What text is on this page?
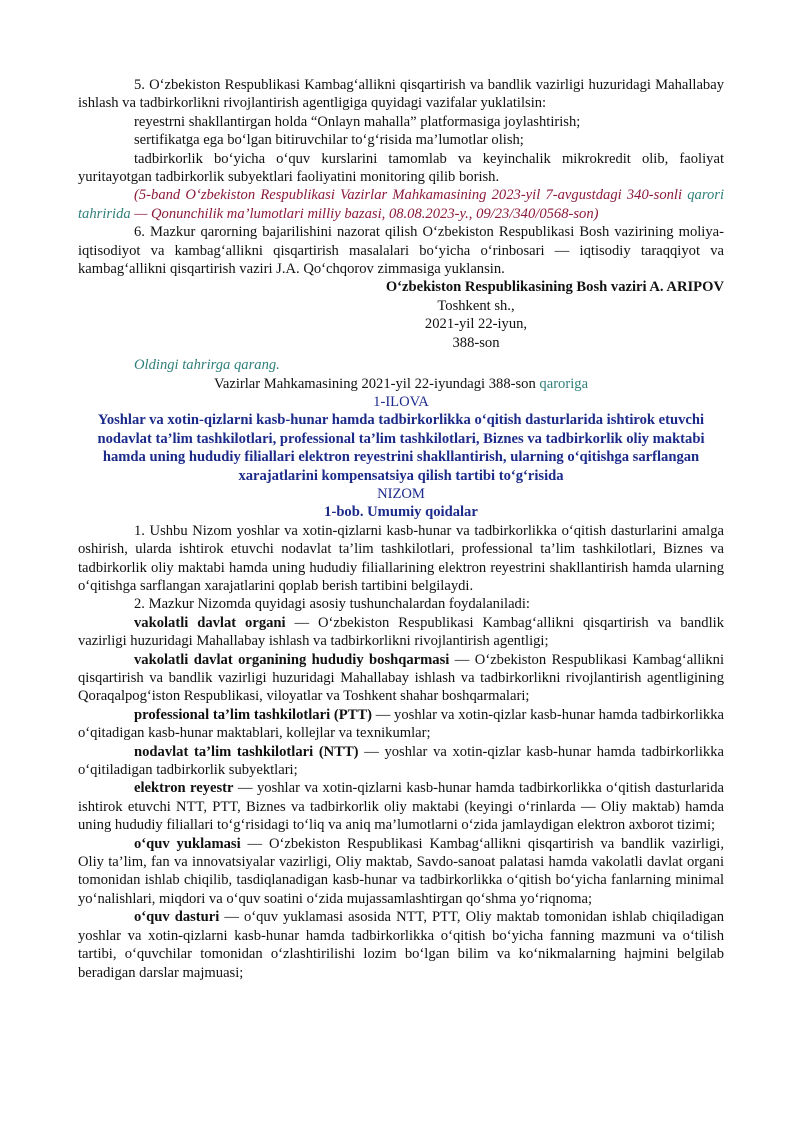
5. O‘zbekiston Respublikasi Kambag‘allikni qisqartirish va bandlik vazirligi huzuridagi Mahallabay ishlash va tadbirkorlikni rivojlantirish agentligiga quyidagi vazifalar yuklatilsin:

reyestrni shakllantirgan holda “Onlayn mahalla” platformasiga joylashtirish;

sertifikatga ega bo‘lgan bitiruvchilar to‘g‘risida ma’lumotlar olish;

tadbirkorlik bo‘yicha o‘quv kurslarini tamomlab va keyinchalik mikrokredit olib, faoliyat yuritayotgan tadbirkorlik subyektlari faoliyatini monitoring qilib borish.

(5-band O‘zbekiston Respublikasi Vazirlar Mahkamasining 2023-yil 7-avgustdagi 340-sonli qarori tahririda — Qonunchilik ma’lumotlari milliy bazasi, 08.08.2023-y., 09/23/340/0568-son)

6. Mazkur qarorning bajarilishini nazorat qilish O‘zbekiston Respublikasi Bosh vazirining moliya-iqtisodiyot va kambag‘allikni qisqartirish masalalari bo‘yicha o‘rinbosari — iqtisodiy taraqqiyot va kambag‘allikni qisqartirish vaziri J.A. Qo‘chqorov zimmasiga yuklansin.

O‘zbekiston Respublikasining Bosh vaziri A. ARIPOV

Toshkent sh.,

2021-yil 22-iyun,

388-son

Oldingi tahrirga qarang.

Vazirlar Mahkamasining 2021-yil 22-iyundagi 388-son qaroriga

1-ILOVA

Yoshlar va xotin-qizlarni kasb-hunar hamda tadbirkorlikka o‘qitish dasturlarida ishtirok etuvchi nodavlat ta’lim tashkilotlari, professional ta’lim tashkilotlari, Biznes va tadbirkorlik oliy maktabi hamda uning hududiy filiallari elektron reyestrini shakllantirish, ularning o‘qitishga sarflangan xarajatlarini kompensatsiya qilish tartibi to‘g‘risida

NIZOM

1-bob. Umumiy qoidalar

1. Ushbu Nizom yoshlar va xotin-qizlarni kasb-hunar va tadbirkorlikka o‘qitish dasturlarini amalga oshirish, ularda ishtirok etuvchi nodavlat ta’lim tashkilotlari, professional ta’lim tashkilotlari, Biznes va tadbirkorlik oliy maktabi hamda uning hududiy filiallarining elektron reyestrini shakllantirish hamda ularning o‘qitishga sarflangan xarajatlarini qoplab berish tartibini belgilaydi.

2. Mazkur Nizomda quyidagi asosiy tushunchalardan foydalaniladi:

vakolatli davlat organi — O‘zbekiston Respublikasi Kambag‘allikni qisqartirish va bandlik vazirligi huzuridagi Mahallabay ishlash va tadbirkorlikni rivojlantirish agentligi;

vakolatli davlat organining hududiy boshqarmasi — O‘zbekiston Respublikasi Kambag‘allikni qisqartirish va bandlik vazirligi huzuridagi Mahallabay ishlash va tadbirkorlikni rivojlantirish agentligining Qoraqalpog‘iston Respublikasi, viloyatlar va Toshkent shahar boshqarmalari;

professional ta’lim tashkilotlari (PTT) — yoshlar va xotin-qizlar kasb-hunar hamda tadbirkorlikka o‘qitadigan kasb-hunar maktablari, kollejlar va texnikumlar;

nodavlat ta’lim tashkilotlari (NTT) — yoshlar va xotin-qizlar kasb-hunar hamda tadbirkorlikka o‘qitiladigan tadbirkorlik subyektlari;

elektron reyestr — yoshlar va xotin-qizlarni kasb-hunar hamda tadbirkorlikka o‘qitish dasturlarida ishtirok etuvchi NTT, PTT, Biznes va tadbirkorlik oliy maktabi (keyingi o‘rinlarda — Oliy maktab) hamda uning hududiy filiallari to‘g‘risidagi to‘liq va aniq ma’lumotlarni o‘zida jamlaydigan elektron axborot tizimi;

o‘quv yuklamasi — O‘zbekiston Respublikasi Kambag‘allikni qisqartirish va bandlik vazirligi, Oliy ta’lim, fan va innovatsiyalar vazirligi, Oliy maktab, Savdo-sanoat palatasi hamda vakolatli davlat organi tomonidan ishlab chiqilib, tasdiqlanadigan kasb-hunar va tadbirkorlikka o‘qitish bo‘yicha fanlarning minimal yo‘nalishlari, miqdori va o‘quv soatini o‘zida mujassamlashtirgan qo‘shma yo‘riqnoma;

o‘quv dasturi — o‘quv yuklamasi asosida NTT, PTT, Oliy maktab tomonidan ishlab chiqiladigan yoshlar va xotin-qizlarni kasb-hunar hamda tadbirkorlikka o‘qitish bo‘yicha fanning mazmuni va o‘tilish tartibi, o‘quvchilar tomonidan o‘zlashtirilishi lozim bo‘lgan bilim va ko‘nikmalarning hajmini belgilab beradigan darslar majmuasi;
